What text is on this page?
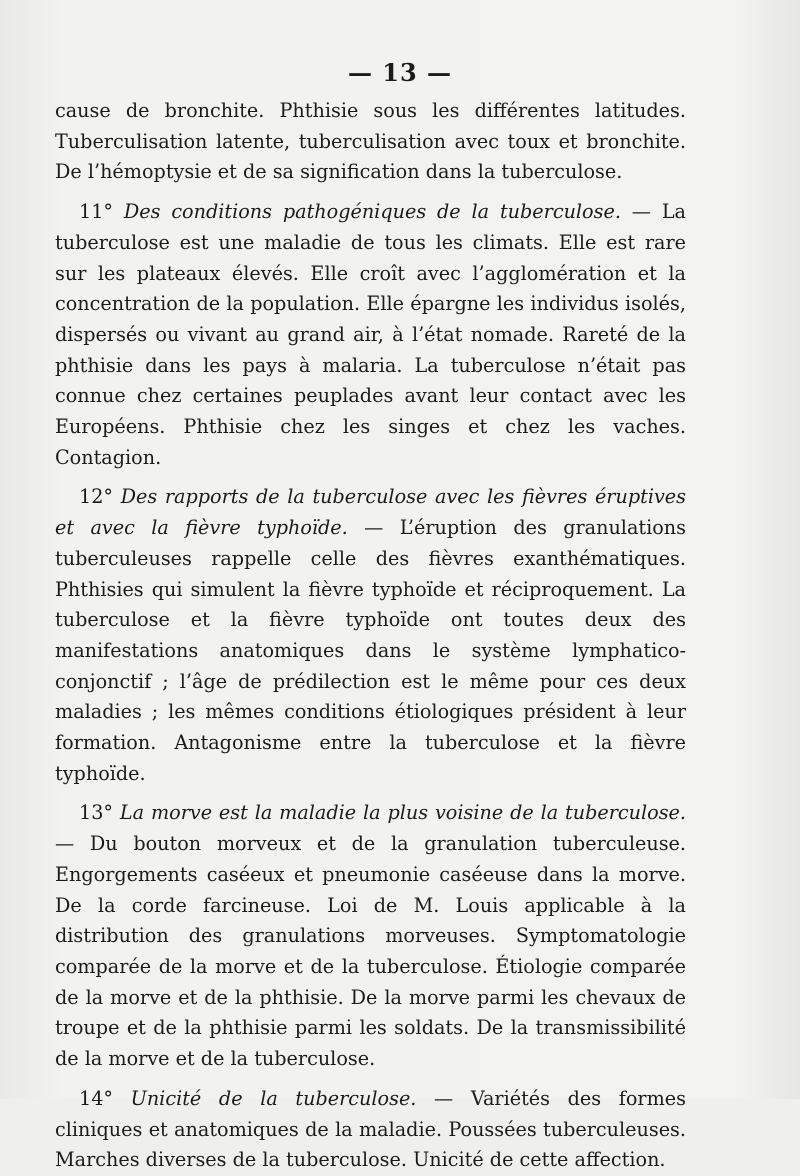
— 13 —

cause de bronchite. Phthisie sous les différentes latitudes. Tuberculisation latente, tuberculisation avec toux et bronchite. De l’hémoptysie et de sa signification dans la tuberculose.

11° Des conditions pathogéniques de la tuberculose. — La tuberculose est une maladie de tous les climats. Elle est rare sur les plateaux élevés. Elle croît avec l’agglomération et la concentration de la population. Elle épargne les individus isolés, dispersés ou vivant au grand air, à l’état nomade. Rareté de la phthisie dans les pays à malaria. La tuberculose n’était pas connue chez certaines peuplades avant leur contact avec les Européens. Phthisie chez les singes et chez les vaches. Contagion.

12° Des rapports de la tuberculose avec les fièvres éruptives et avec la fièvre typhoïde. — L’éruption des granulations tuberculeuses rappelle celle des fièvres exanthématiques. Phthisies qui simulent la fièvre typhoïde et réciproquement. La tuberculose et la fièvre typhoïde ont toutes deux des manifestations anatomiques dans le système lymphatico-conjonctif ; l’âge de prédilection est le même pour ces deux maladies ; les mêmes conditions étiologiques président à leur formation. Antagonisme entre la tuberculose et la fièvre typhoïde.

13° La morve est la maladie la plus voisine de la tuberculose. — Du bouton morveux et de la granulation tuberculeuse. Engorgements caséeux et pneumonie caséeuse dans la morve. De la corde farcineuse. Loi de M. Louis applicable à la distribution des granulations morveuses. Symptomatologie comparée de la morve et de la tuberculose. Étiologie comparée de la morve et de la phthisie. De la morve parmi les chevaux de troupe et de la phthisie parmi les soldats. De la transmissibilité de la morve et de la tuberculose.

14° Unicité de la tuberculose. — Variétés des formes cliniques et anatomiques de la maladie. Poussées tuberculeuses. Marches diverses de la tuberculose. Unicité de cette affection.
